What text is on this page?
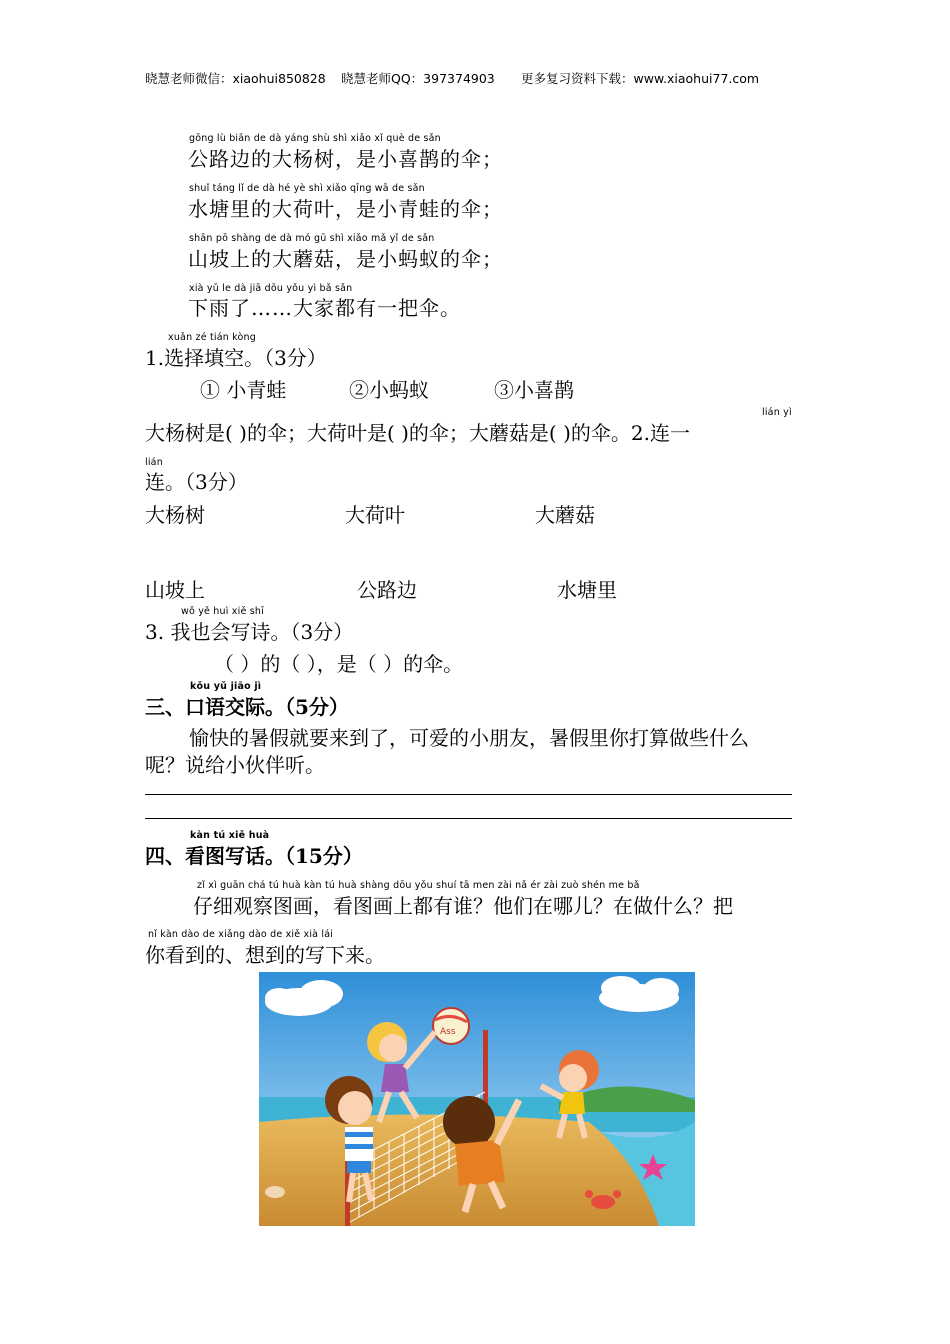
晓慧老师微信：xiaohui850828 晓慧老师QQ：397374903 更多复习资料下载：www.xiaohui77.com
gōng lù biān de dà yáng shù shì xiǎo xǐ què de sǎn
公路边的大杨树，是小喜鹊的伞；
shuǐ táng lǐ de dà hé yè shì xiǎo qīng wā de sǎn
水塘里的大荷叶，是小青蛙的伞；
shān pō shàng de dà mó gū shì xiǎo mǎ yǐ de sǎn
山坡上的大蘑菇，是小蚂蚁的伞；
xià yǔ le dà jiā dōu yǒu yì bǎ sǎn
下雨了……大家都有一把伞。
xuǎn zé tián kòng
1.选择填空。（3分）
① 小青蛙	②小蚂蚁	③小喜鹊
lián yì
大杨树是( )的伞；大荷叶是( )的伞；大蘑菇是( )的伞。2.连一
lián
连。（3分）
大杨树	大荷叶	大蘑菇
山坡上	公路边	水塘里
wǒ yě huì xiě shī
3. 我也会写诗。（3分）
（ ）的（ ），是（ ）的伞。
kǒu yǔ jiāo jì
三、口语交际。（5分）
愉快的暑假就要来到了，可爱的小朋友，暑假里你打算做些什么
呢？说给小伙伴听。
kàn tú xiě huà
四、看图写话。（15分）
zǐ xì guān chá tú huà kàn tú huà shàng dōu yǒu shuí tā men zài nǎ ér zài zuò shén me bǎ
仔细观察图画，看图画上都有谁？他们在哪儿？在做什么？把
nǐ kàn dào de xiǎng dào de xiě xià lái
你看到的、想到的写下来。
Ass
